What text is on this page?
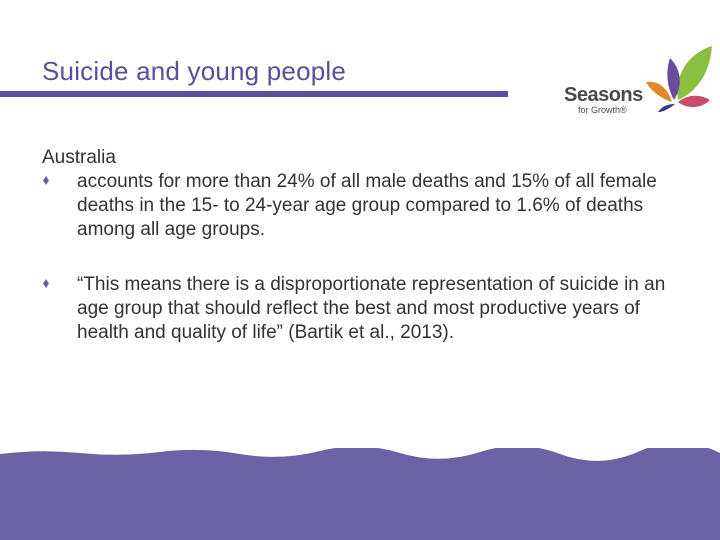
Suicide and young people
Seasons
for Growth®

Australia

accounts for more than 24% of all male deaths and 15% of all female deaths in the 15- to 24-year age group compared to 1.6% of deaths among all age groups.

“This means there is a disproportionate representation of suicide in an age group that should reflect the best and most productive years of health and quality of life” (Bartik et al., 2013).
